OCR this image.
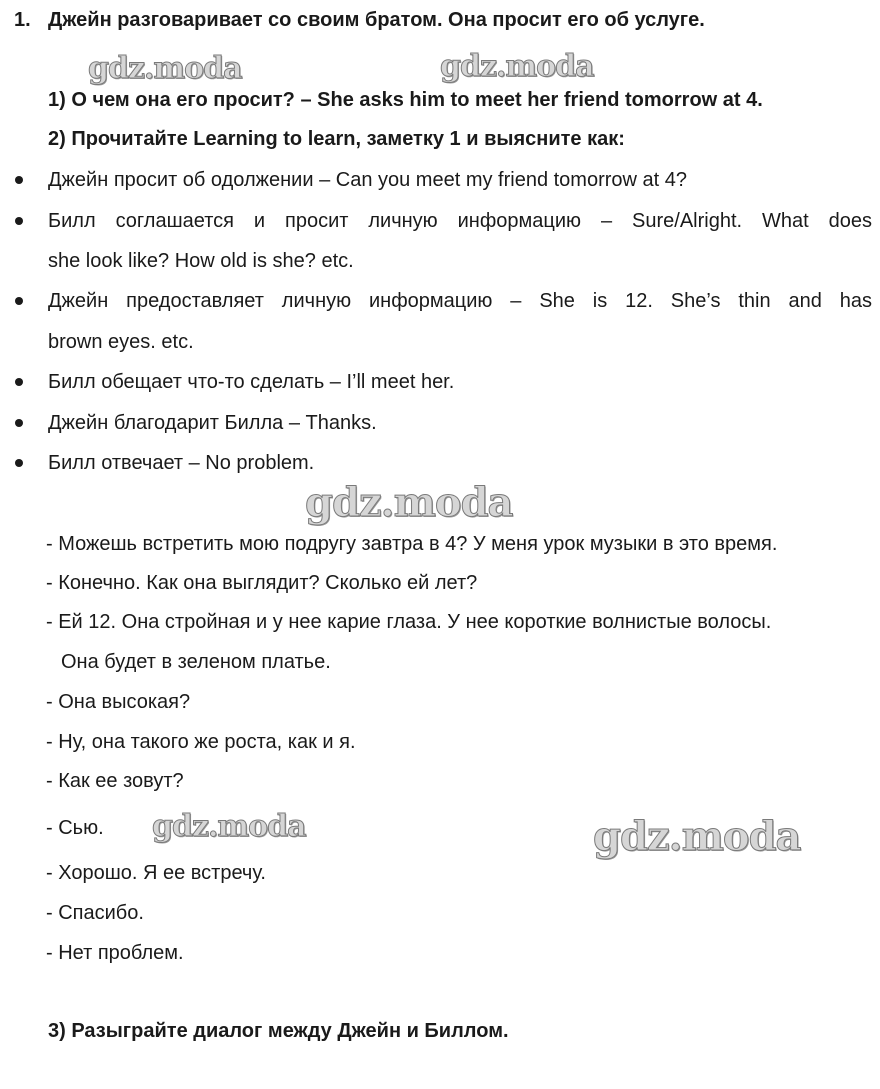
1. Джейн разговаривает со своим братом. Она просит его об услуге.
gdz.moda	gdz.moda
1) О чем она его просит? – She asks him to meet her friend tomorrow at 4.
2) Прочитайте Learning to learn, заметку 1 и выясните как:
Джейн просит об одолжении – Can you meet my friend tomorrow at 4?
Билл соглашается и просит личную информацию – Sure/Alright. What does
she look like? How old is she? etc.
Джейн предоставляет личную информацию – She is 12. She’s thin and has
brown eyes. etc.
Билл обещает что-то сделать – I’ll meet her.
Джейн благодарит Билла – Thanks.
Билл отвечает – No problem.
gdz.moda
- Можешь встретить мою подругу завтра в 4? У меня урок музыки в это время.
- Конечно. Как она выглядит? Сколько ей лет?
- Ей 12. Она стройная и у нее карие глаза. У нее короткие волнистые волосы.
Она будет в зеленом платье.
- Она высокая?
- Ну, она такого же роста, как и я.
- Как ее зовут?
- Сью.
- Хорошо. Я ее встречу.
- Спасибо.
- Нет проблем.
gdz.moda	gdz.moda
3) Разыграйте диалог между Джейн и Биллом.
